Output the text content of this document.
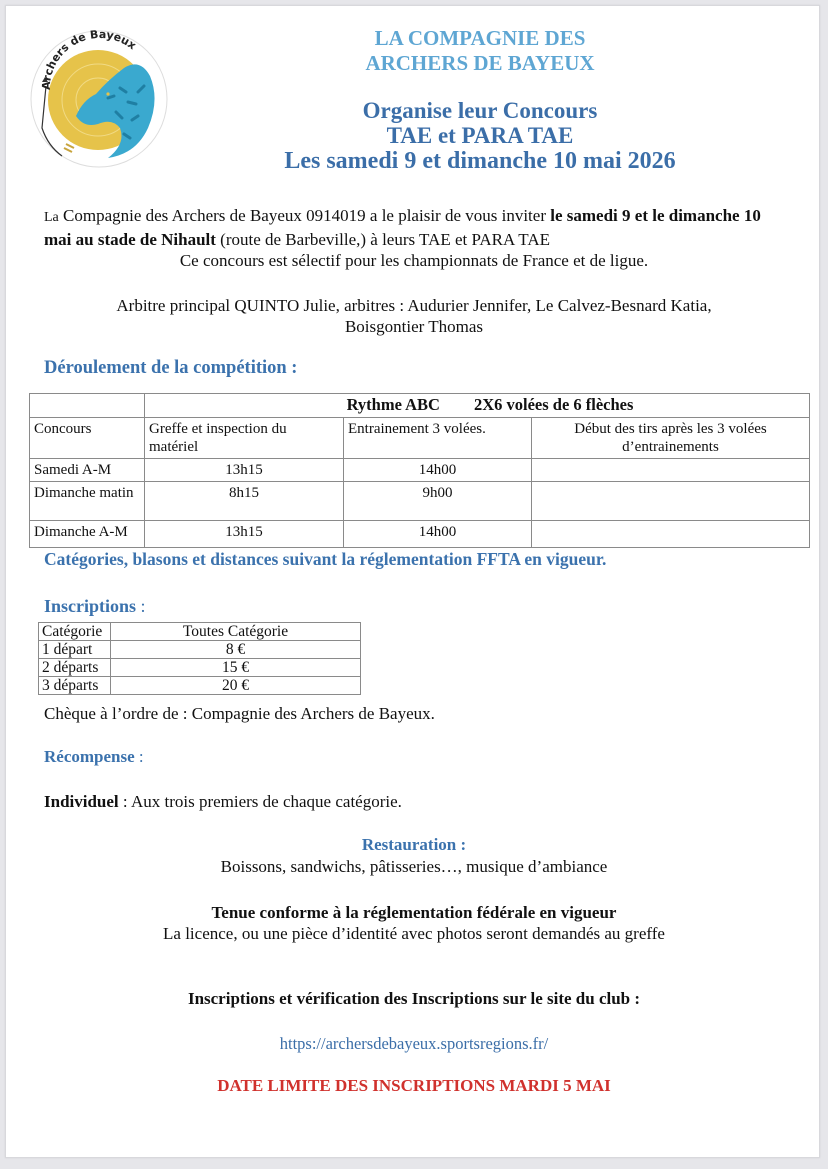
Archers de Bayeux	LA COMPAGNIE DES
ARCHERS DE BAYEUX
Organise leur Concours
TAE et PARA TAE
Les samedi 9 et dimanche 10 mai 2026
La Compagnie des Archers de Bayeux 0914019 a le plaisir de vous inviter le samedi 9 et le dimanche 10 mai au stade de Nihault (route de Barbeville,) à leurs TAE et PARA TAE
Ce concours est sélectif pour les championnats de France et de ligue.
Arbitre principal QUINTO Julie, arbitres : Audurier Jennifer, Le Calvez-Besnard Katia,
Boisgontier Thomas
Déroulement de la compétition :
	Rythme ABC 2X6 volées de 6 flèches		
Concours	Greffe et inspection du matériel	Entrainement 3 volées.	Début des tirs après les 3 volées d’entrainements
Samedi A-M	13h15	14h00	
Dimanche matin	8h15	9h00	
Dimanche A-M	13h15	14h00	
Catégories, blasons et distances suivant la réglementation FFTA en vigueur.
Inscriptions :
Catégorie	Toutes Catégorie
1 départ	8 €
2 départs	15 €
3 départs	20 €
Chèque à l’ordre de : Compagnie des Archers de Bayeux.
Récompense :
Individuel : Aux trois premiers de chaque catégorie.
Restauration :
Boissons, sandwichs, pâtisseries…, musique d’ambiance
Tenue conforme à la réglementation fédérale en vigueur
La licence, ou une pièce d’identité avec photos seront demandés au greffe
Inscriptions et vérification des Inscriptions sur le site du club :
https://archersdebayeux.sportsregions.fr/
DATE LIMITE DES INSCRIPTIONS MARDI 5 MAI
